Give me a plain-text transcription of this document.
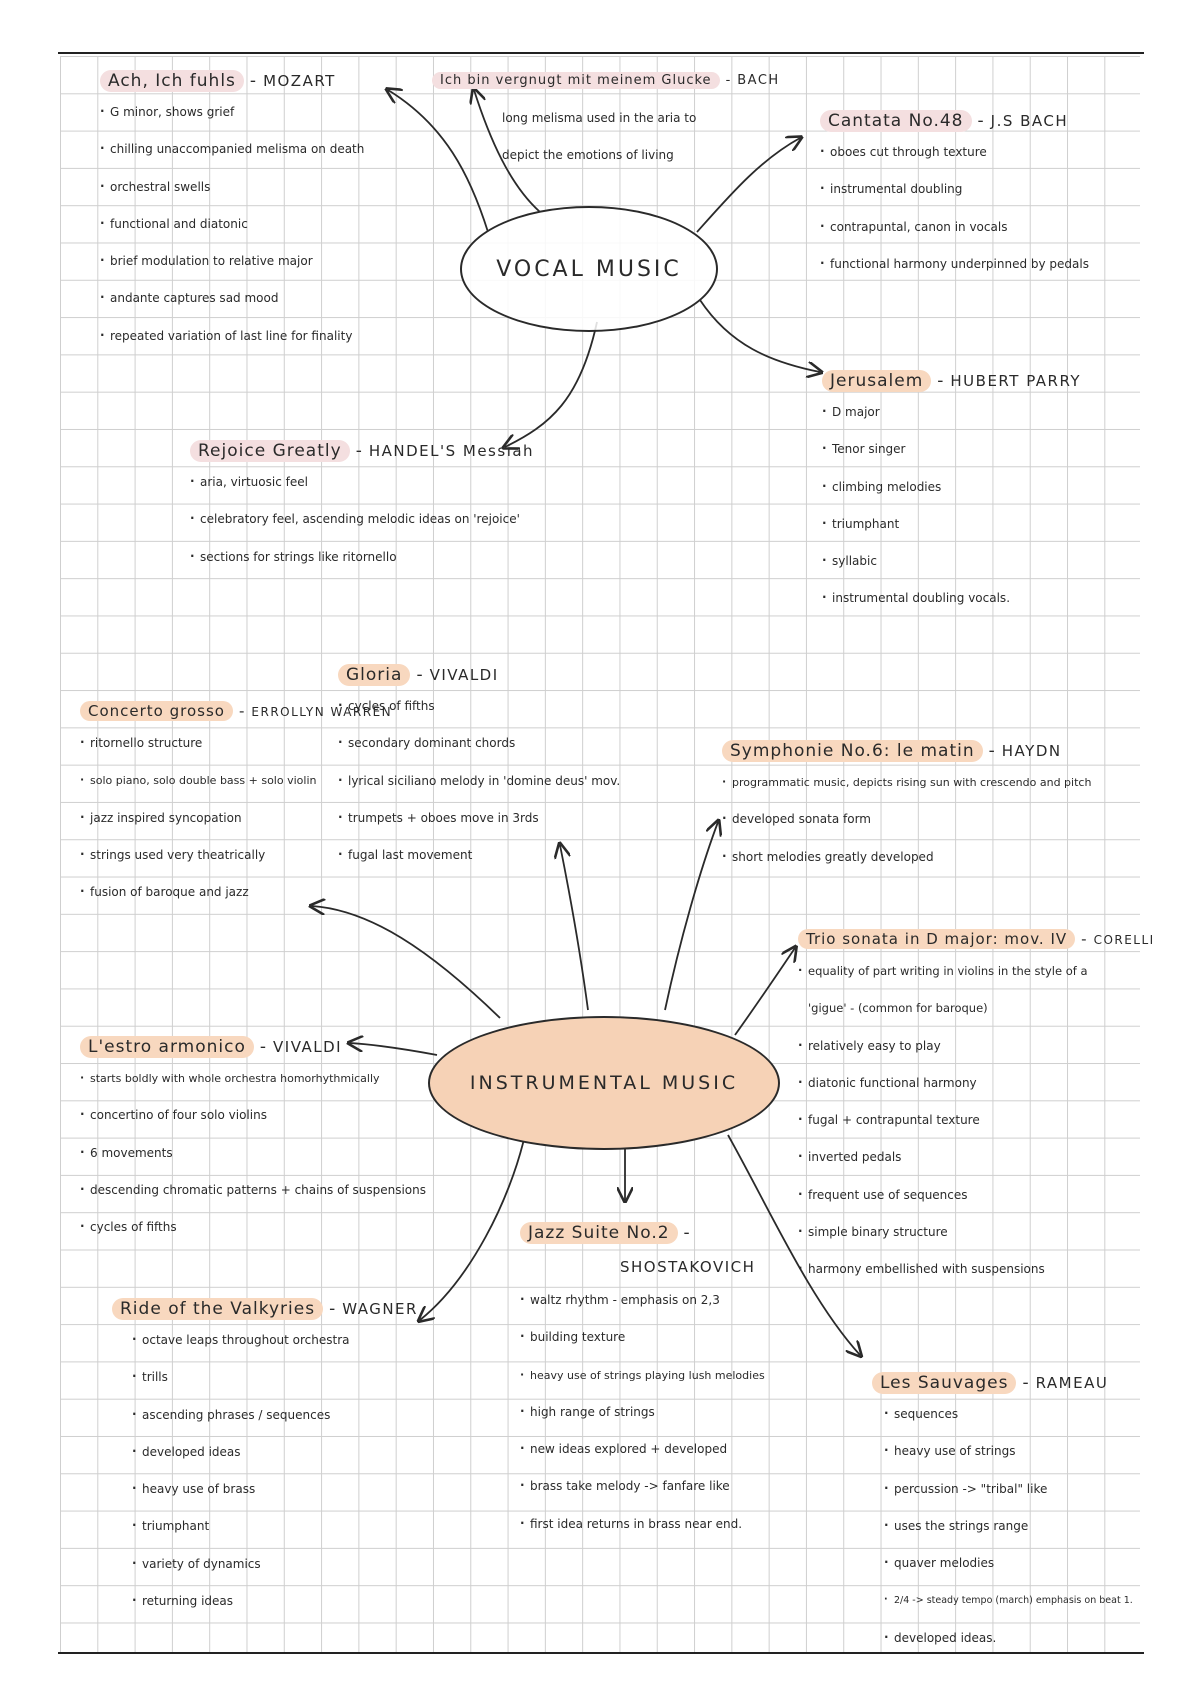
VOCAL MUSIC
INSTRUMENTAL MUSIC
Ach, Ich fuhls - MOZART
· G minor, shows grief
· chilling unaccompanied melisma on death
· orchestral swells
· functional and diatonic
· brief modulation to relative major
· andante captures sad mood
· repeated variation of last line for finality
Ich bin vergnugt mit meinem Glucke - BACH
long melisma used in the aria to depict the emotions of living
Cantata No.48 - J.S BACH
· oboes cut through texture
· instrumental doubling
· contrapuntal, canon in vocals
· functional harmony underpinned by pedals
Jerusalem - HUBERT PARRY
· D major
· Tenor singer
· climbing melodies
· triumphant
· syllabic
· instrumental doubling vocals.
Rejoice Greatly - HANDEL'S Messiah
· aria, virtuosic feel
· celebratory feel, ascending melodic ideas on 'rejoice'
· sections for strings like ritornello
Gloria - VIVALDI
· cycles of fifths
· secondary dominant chords
· lyrical siciliano melody in 'domine deus' mov.
· trumpets + oboes move in 3rds
· fugal last movement
Concerto grosso - ERROLLYN WARREN
· ritornello structure
· solo piano, solo double bass + solo violin
· jazz inspired syncopation
· strings used very theatrically
· fusion of baroque and jazz
Symphonie No.6: le matin - HAYDN
· programmatic music, depicts rising sun with crescendo and pitch
· developed sonata form
· short melodies greatly developed
Trio sonata in D major: mov. IV - CORELLI
· equality of part writing in violins in the style of a 'gigue' - (common for baroque)
· relatively easy to play
· diatonic functional harmony
· fugal + contrapuntal texture
· inverted pedals
· frequent use of sequences
· simple binary structure
· harmony embellished with suspensions
L'estro armonico - VIVALDI
· starts boldly with whole orchestra homorhythmically
· concertino of four solo violins
· 6 movements
· descending chromatic patterns + chains of suspensions
· cycles of fifths	Jazz Suite No.2 -
SHOSTAKOVICH
· waltz rhythm - emphasis on 2,3
· building texture
· heavy use of strings playing lush melodies
· high range of strings
· new ideas explored + developed
· brass take melody -> fanfare like
· first idea returns in brass near end.
Ride of the Valkyries - WAGNER
· octave leaps throughout orchestra
· trills
· ascending phrases / sequences
· developed ideas
· heavy use of brass
· triumphant
· variety of dynamics
· returning ideas
Les Sauvages - RAMEAU
· sequences
· heavy use of strings
· percussion -> "tribal" like
· uses the strings range
· quaver melodies
· 2/4 -> steady tempo (march) emphasis on beat 1.
· developed ideas.
